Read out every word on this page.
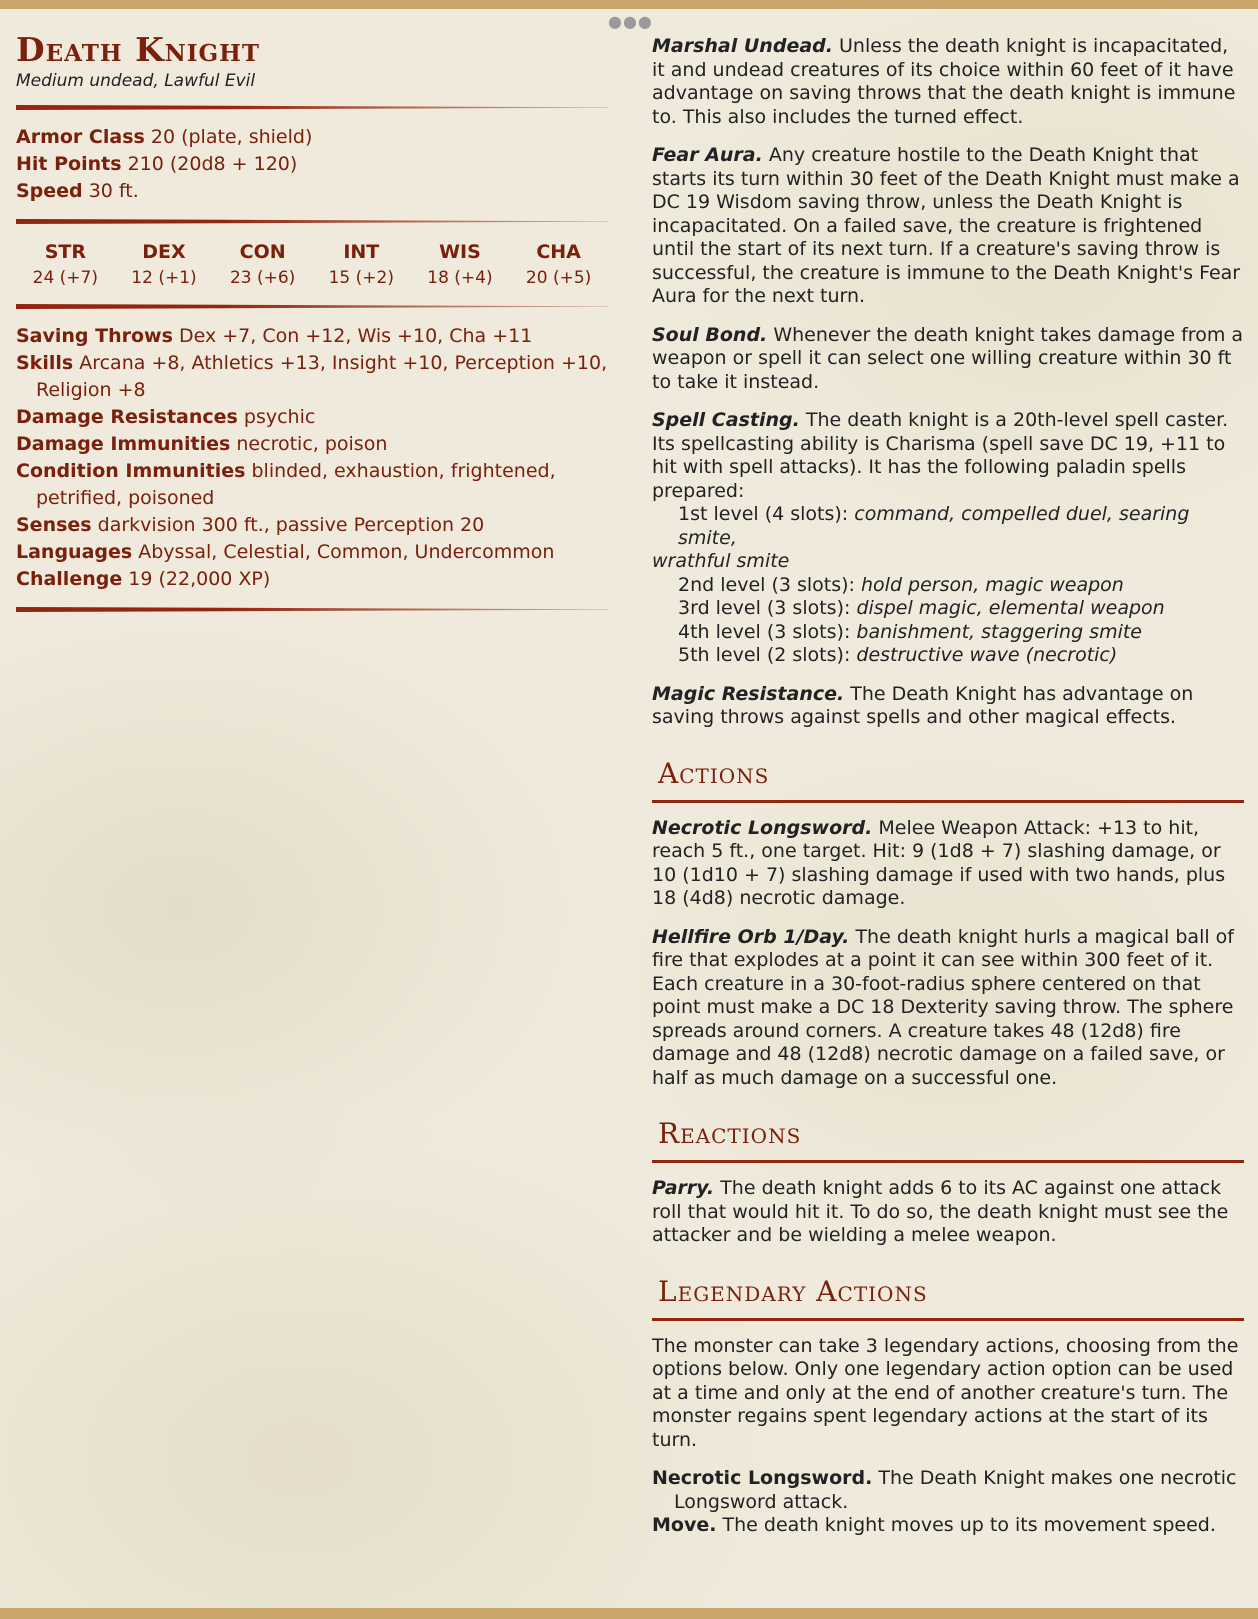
●●●
Death Knight
Medium undead, Lawful Evil
Armor Class 20 (plate, shield)
Hit Points 210 (20d8 + 120)
Speed 30 ft.
STR
24 (+7)
DEX
12 (+1)
CON
23 (+6)
INT
15 (+2)
WIS
18 (+4)
CHA
20 (+5)
Saving Throws Dex +7, Con +12, Wis +10, Cha +11
Skills Arcana +8, Athletics +13, Insight +10, Perception +10, Religion +8
Damage Resistances psychic
Damage Immunities necrotic, poison
Condition Immunities blinded, exhaustion, frightened, petrified, poisoned
Senses darkvision 300 ft., passive Perception 20
Languages Abyssal, Celestial, Common, Undercommon
Challenge 19 (22,000 XP)

Marshal Undead. Unless the death knight is incapacitated, it and undead creatures of its choice within 60 feet of it have advantage on saving throws that the death knight is immune to. This also includes the turned effect.

Fear Aura. Any creature hostile to the Death Knight that starts its turn within 30 feet of the Death Knight must make a DC 19 Wisdom saving throw, unless the Death Knight is incapacitated. On a failed save, the creature is frightened until the start of its next turn. If a creature's saving throw is successful, the creature is immune to the Death Knight's Fear Aura for the next turn.

Soul Bond. Whenever the death knight takes damage from a weapon or spell it can select one willing creature within 30 ft to take it instead.

Spell Casting. The death knight is a 20th-level spell caster. Its spellcasting ability is Charisma (spell save DC 19, +11 to hit with spell attacks). It has the following paladin spells prepared:
1st level (4 slots): command, compelled duel, searing smite,
wrathful smite
2nd level (3 slots): hold person, magic weapon
3rd level (3 slots): dispel magic, elemental weapon
4th level (3 slots): banishment, staggering smite
5th level (2 slots): destructive wave (necrotic)

Magic Resistance. The Death Knight has advantage on saving throws against spells and other magical effects.

Actions

Necrotic Longsword. Melee Weapon Attack: +13 to hit, reach 5 ft., one target. Hit: 9 (1d8 + 7) slashing damage, or 10 (1d10 + 7) slashing damage if used with two hands, plus 18 (4d8) necrotic damage.

Hellfire Orb 1/Day. The death knight hurls a magical ball of fire that explodes at a point it can see within 300 feet of it. Each creature in a 30-foot-radius sphere centered on that point must make a DC 18 Dexterity saving throw. The sphere spreads around corners. A creature takes 48 (12d8) fire damage and 48 (12d8) necrotic damage on a failed save, or half as much damage on a successful one.

Reactions

Parry. The death knight adds 6 to its AC against one attack roll that would hit it. To do so, the death knight must see the attacker and be wielding a melee weapon.

Legendary Actions

The monster can take 3 legendary actions, choosing from the options below. Only one legendary action option can be used at a time and only at the end of another creature's turn. The monster regains spent legendary actions at the start of its turn.

Necrotic Longsword. The Death Knight makes one necrotic Longsword attack.
Move. The death knight moves up to its movement speed.
